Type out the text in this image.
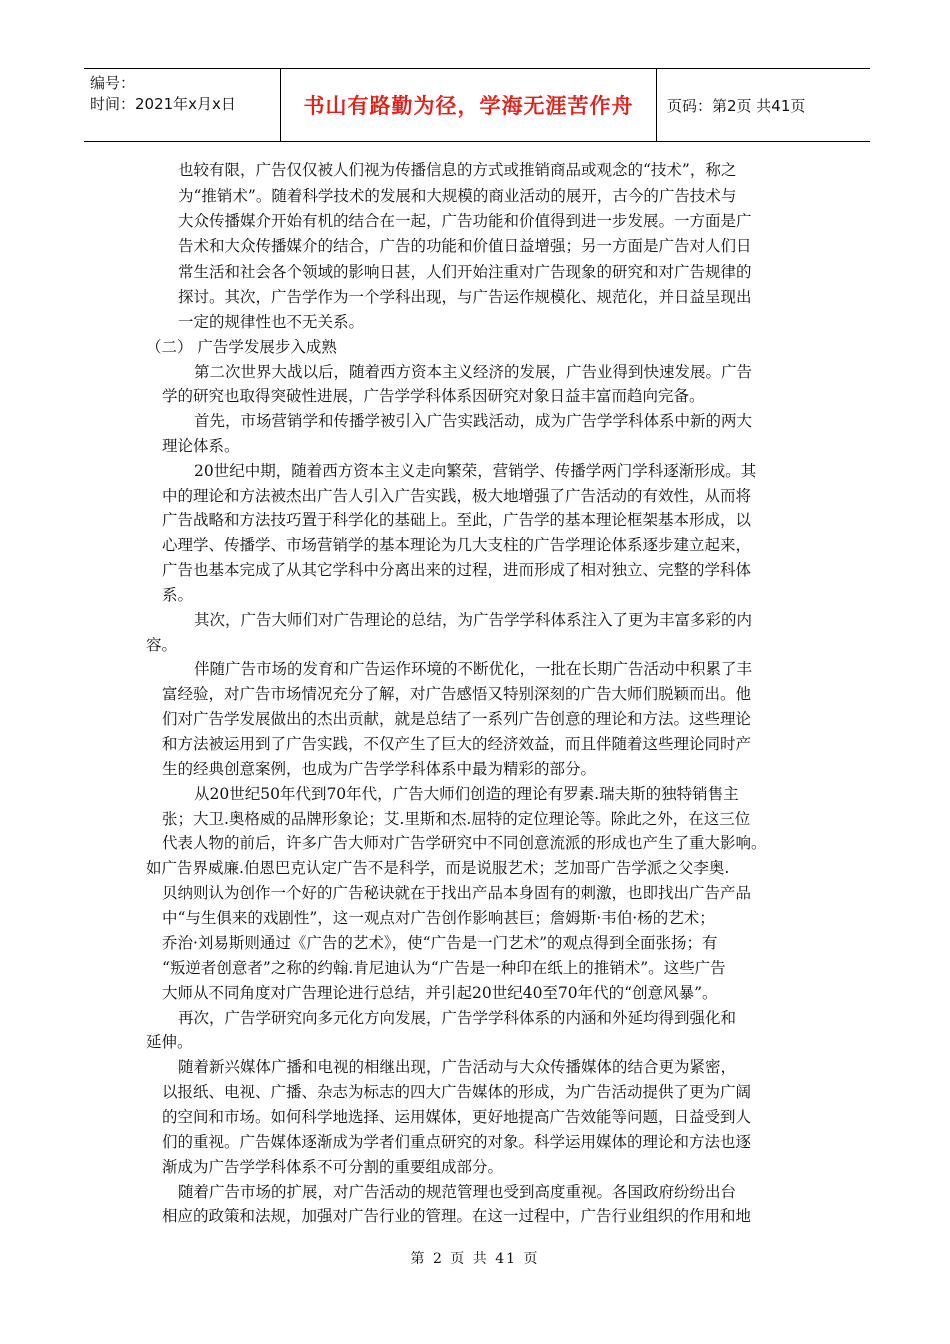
编号：
时间：2021年x月x日	书山有路勤为径，学海无涯苦作舟	页码：第2页 共41页
也较有限，广告仅仅被人们视为传播信息的方式或推销商品或观念的“技术”，称之
为“推销术”。随着科学技术的发展和大规模的商业活动的展开，古今的广告技术与
大众传播媒介开始有机的结合在一起，广告功能和价值得到进一步发展。一方面是广
告术和大众传播媒介的结合，广告的功能和价值日益增强；另一方面是广告对人们日
常生活和社会各个领域的影响日甚，人们开始注重对广告现象的研究和对广告规律的
探讨。其次，广告学作为一个学科出现，与广告运作规模化、规范化，并日益呈现出
一定的规律性也不无关系。
（二） 广告学发展步入成熟
第二次世界大战以后，随着西方资本主义经济的发展，广告业得到快速发展。广告
学的研究也取得突破性进展，广告学学科体系因研究对象日益丰富而趋向完备。
首先，市场营销学和传播学被引入广告实践活动，成为广告学学科体系中新的两大
理论体系。
20世纪中期，随着西方资本主义走向繁荣，营销学、传播学两门学科逐渐形成。其
中的理论和方法被杰出广告人引入广告实践，极大地增强了广告活动的有效性，从而将
广告战略和方法技巧置于科学化的基础上。至此，广告学的基本理论框架基本形成，以
心理学、传播学、市场营销学的基本理论为几大支柱的广告学理论体系逐步建立起来，
广告也基本完成了从其它学科中分离出来的过程，进而形成了相对独立、完整的学科体
系。
其次，广告大师们对广告理论的总结，为广告学学科体系注入了更为丰富多彩的内
容。
伴随广告市场的发育和广告运作环境的不断优化，一批在长期广告活动中积累了丰
富经验，对广告市场情况充分了解，对广告感悟又特别深刻的广告大师们脱颖而出。他
们对广告学发展做出的杰出贡献，就是总结了一系列广告创意的理论和方法。这些理论
和方法被运用到了广告实践，不仅产生了巨大的经济效益，而且伴随着这些理论同时产
生的经典创意案例，也成为广告学学科体系中最为精彩的部分。
从20世纪50年代到70年代，广告大师们创造的理论有罗素.瑞夫斯的独特销售主
张；大卫.奥格威的品牌形象论；艾.里斯和杰.屈特的定位理论等。除此之外，在这三位
代表人物的前后，许多广告大师对广告学研究中不同创意流派的形成也产生了重大影响。
如广告界威廉.伯恩巴克认定广告不是科学，而是说服艺术；芝加哥广告学派之父李奥.
贝纳则认为创作一个好的广告秘诀就在于找出产品本身固有的刺激，也即找出广告产品
中“与生俱来的戏剧性”，这一观点对广告创作影响甚巨；詹姆斯·韦伯·杨的艺术；
乔治·刘易斯则通过《广告的艺术》，使“广告是一门艺术”的观点得到全面张扬；有
“叛逆者创意者”之称的约翰.肯尼迪认为“广告是一种印在纸上的推销术”。这些广告
大师从不同角度对广告理论进行总结，并引起20世纪40至70年代的“创意风暴”。
再次，广告学研究向多元化方向发展，广告学学科体系的内涵和外延均得到强化和
延伸。
随着新兴媒体广播和电视的相继出现，广告活动与大众传播媒体的结合更为紧密，
以报纸、电视、广播、杂志为标志的四大广告媒体的形成，为广告活动提供了更为广阔
的空间和市场。如何科学地选择、运用媒体，更好地提高广告效能等问题，日益受到人
们的重视。广告媒体逐渐成为学者们重点研究的对象。科学运用媒体的理论和方法也逐
渐成为广告学学科体系不可分割的重要组成部分。
随着广告市场的扩展，对广告活动的规范管理也受到高度重视。各国政府纷纷出台
相应的政策和法规，加强对广告行业的管理。在这一过程中，广告行业组织的作用和地
第 2 页 共 41 页
